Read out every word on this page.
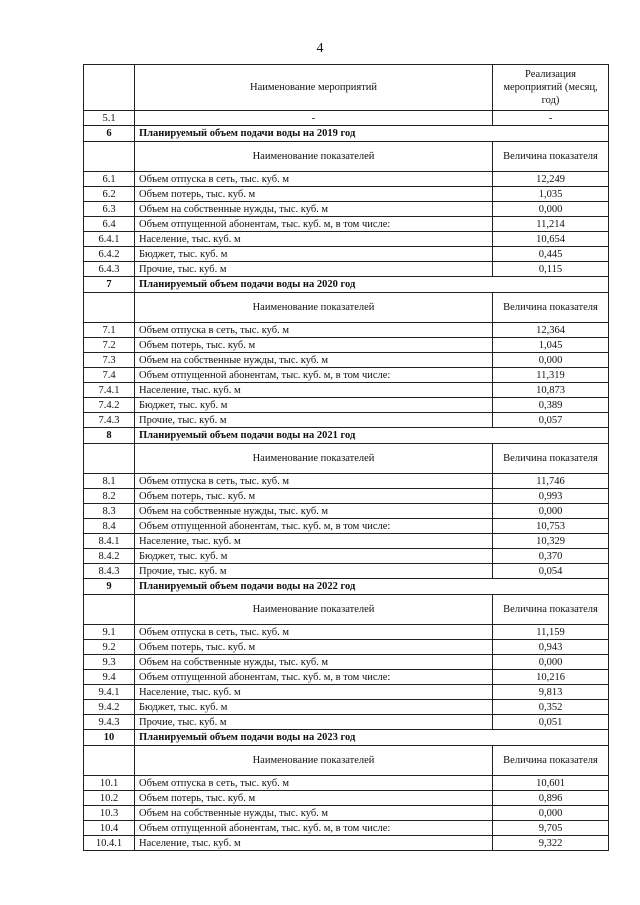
4
	Наименование мероприятий	Реализация мероприятий (месяц, год)

5.1	-	-
6	Планируемый объем подачи воды на 2019 год	
	Наименование показателей	Величина показателя

6.1	Объем отпуска в сеть, тыс. куб. м	12,249
6.2	Объем потерь, тыс. куб. м	1,035
6.3	Объем на собственные нужды, тыс. куб. м	0,000
6.4	Объем отпущенной абонентам, тыс. куб. м, в том числе:	11,214
6.4.1	Население, тыс. куб. м	10,654
6.4.2	Бюджет, тыс. куб. м	0,445
6.4.3	Прочие, тыс. куб. м	0,115
7	Планируемый объем подачи воды на 2020 год	
	Наименование показателей	Величина показателя

7.1	Объем отпуска в сеть, тыс. куб. м	12,364
7.2	Объем потерь, тыс. куб. м	1,045
7.3	Объем на собственные нужды, тыс. куб. м	0,000
7.4	Объем отпущенной абонентам, тыс. куб. м, в том числе:	11,319
7.4.1	Население, тыс. куб. м	10,873
7.4.2	Бюджет, тыс. куб. м	0,389
7.4.3	Прочие, тыс. куб. м	0,057
8	Планируемый объем подачи воды на 2021 год	
	Наименование показателей	Величина показателя

8.1	Объем отпуска в сеть, тыс. куб. м	11,746
8.2	Объем потерь, тыс. куб. м	0,993
8.3	Объем на собственные нужды, тыс. куб. м	0,000
8.4	Объем отпущенной абонентам, тыс. куб. м, в том числе:	10,753
8.4.1	Население, тыс. куб. м	10,329
8.4.2	Бюджет, тыс. куб. м	0,370
8.4.3	Прочие, тыс. куб. м	0,054
9	Планируемый объем подачи воды на 2022 год	
	Наименование показателей	Величина показателя

9.1	Объем отпуска в сеть, тыс. куб. м	11,159
9.2	Объем потерь, тыс. куб. м	0,943
9.3	Объем на собственные нужды, тыс. куб. м	0,000
9.4	Объем отпущенной абонентам, тыс. куб. м, в том числе:	10,216
9.4.1	Население, тыс. куб. м	9,813
9.4.2	Бюджет, тыс. куб. м	0,352
9.4.3	Прочие, тыс. куб. м	0,051
10	Планируемый объем подачи воды на 2023 год	
	Наименование показателей	Величина показателя

10.1	Объем отпуска в сеть, тыс. куб. м	10,601
10.2	Объем потерь, тыс. куб. м	0,896
10.3	Объем на собственные нужды, тыс. куб. м	0,000
10.4	Объем отпущенной абонентам, тыс. куб. м, в том числе:	9,705
10.4.1	Население, тыс. куб. м	9,322
